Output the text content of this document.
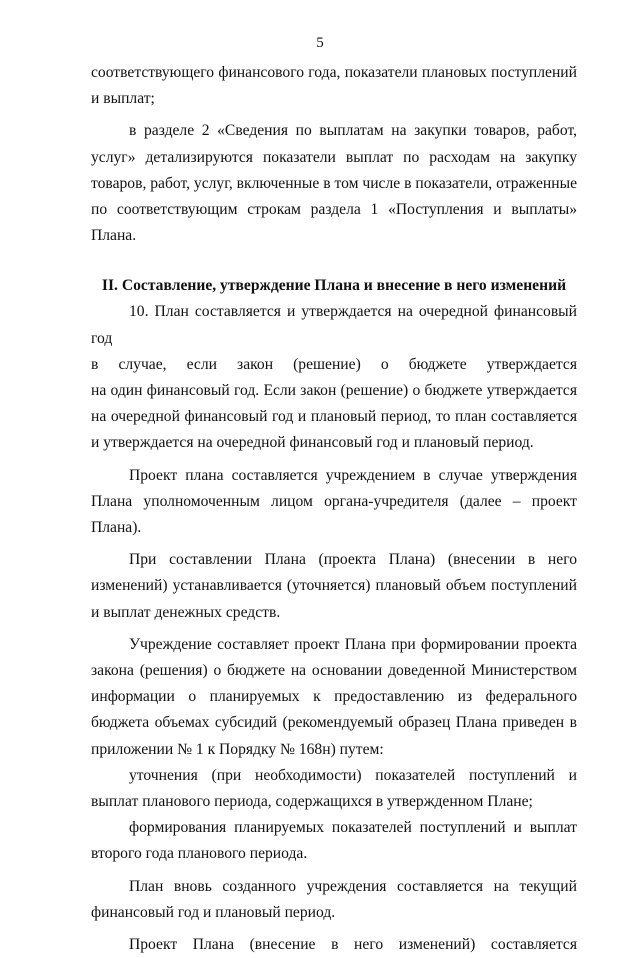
5

соответствующего финансового года, показатели плановых поступлений и выплат;

в разделе 2 «Сведения по выплатам на закупки товаров, работ, услуг» детализируются показатели выплат по расходам на закупку товаров, работ, услуг, включенные в том числе в показатели, отраженные по соответствующим строкам раздела 1 «Поступления и выплаты» Плана.

II. Составление, утверждение Плана и внесение в него изменений

10. План составляется и утверждается на очередной финансовый год

в случае, если закон (решение) о бюджете утверждается

на один финансовый год. Если закон (решение) о бюджете утверждается на очередной финансовый год и плановый период, то план составляется и утверждается на очередной финансовый год и плановый период.

Проект плана составляется учреждением в случае утверждения Плана уполномоченным лицом органа-учредителя (далее – проект Плана).

При составлении Плана (проекта Плана) (внесении в него изменений) устанавливается (уточняется) плановый объем поступлений и выплат денежных средств.

Учреждение составляет проект Плана при формировании проекта закона (решения) о бюджете на основании доведенной Министерством информации о планируемых к предоставлению из федерального бюджета объемах субсидий (рекомендуемый образец Плана приведен в приложении № 1 к Порядку № 168н) путем:

уточнения (при необходимости) показателей поступлений и выплат планового периода, содержащихся в утвержденном Плане;

формирования планируемых показателей поступлений и выплат второго года планового периода.

План вновь созданного учреждения составляется на текущий финансовый год и плановый период.

Проект Плана (внесение в него изменений) составляется
